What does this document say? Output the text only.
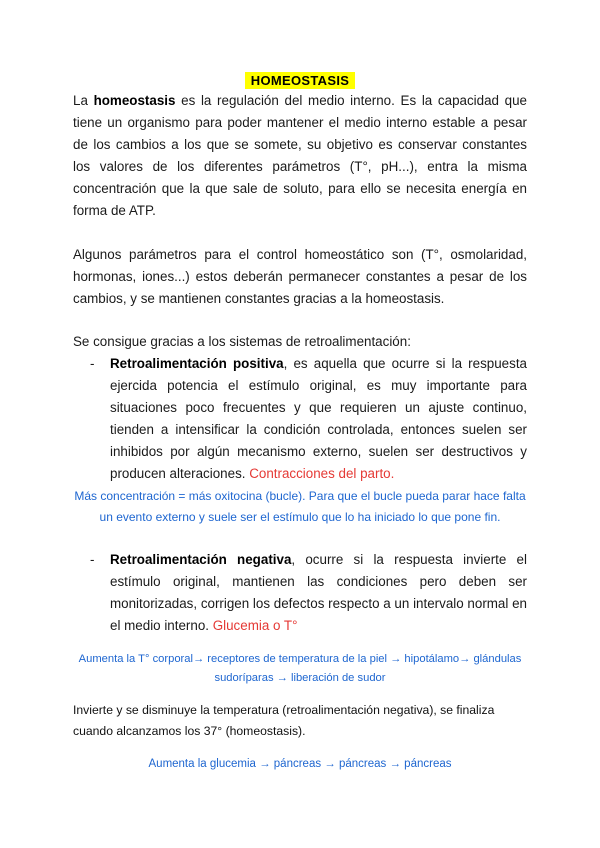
HOMEOSTASIS

La homeostasis es la regulación del medio interno. Es la capacidad que tiene un organismo para poder mantener el medio interno estable a pesar de los cambios a los que se somete, su objetivo es conservar constantes los valores de los diferentes parámetros (T°, pH...), entra la misma concentración que la que sale de soluto, para ello se necesita energía en forma de ATP.

Algunos parámetros para el control homeostático son (T°, osmolaridad, hormonas, iones...) estos deberán permanecer constantes a pesar de los cambios, y se mantienen constantes gracias a la homeostasis.

Se consigue gracias a los sistemas de retroalimentación:

- Retroalimentación positiva, es aquella que ocurre si la respuesta ejercida potencia el estímulo original, es muy importante para situaciones poco frecuentes y que requieren un ajuste continuo, tienden a intensificar la condición controlada, entonces suelen ser inhibidos por algún mecanismo externo, suelen ser destructivos y producen alteraciones. Contracciones del parto.

Más concentración = más oxitocina (bucle). Para que el bucle pueda parar hace falta un evento externo y suele ser el estímulo que lo ha iniciado lo que pone fin.

- Retroalimentación negativa, ocurre si la respuesta invierte el estímulo original, mantienen las condiciones pero deben ser monitorizadas, corrigen los defectos respecto a un intervalo normal en el medio interno. Glucemia o T°

Aumenta la T° corporal→ receptores de temperatura de la piel → hipotálamo→ glándulas sudoríparas → liberación de sudor

Invierte y se disminuye la temperatura (retroalimentación negativa), se finaliza cuando alcanzamos los 37° (homeostasis).

Aumenta la glucemia → páncreas → páncreas → páncreas
